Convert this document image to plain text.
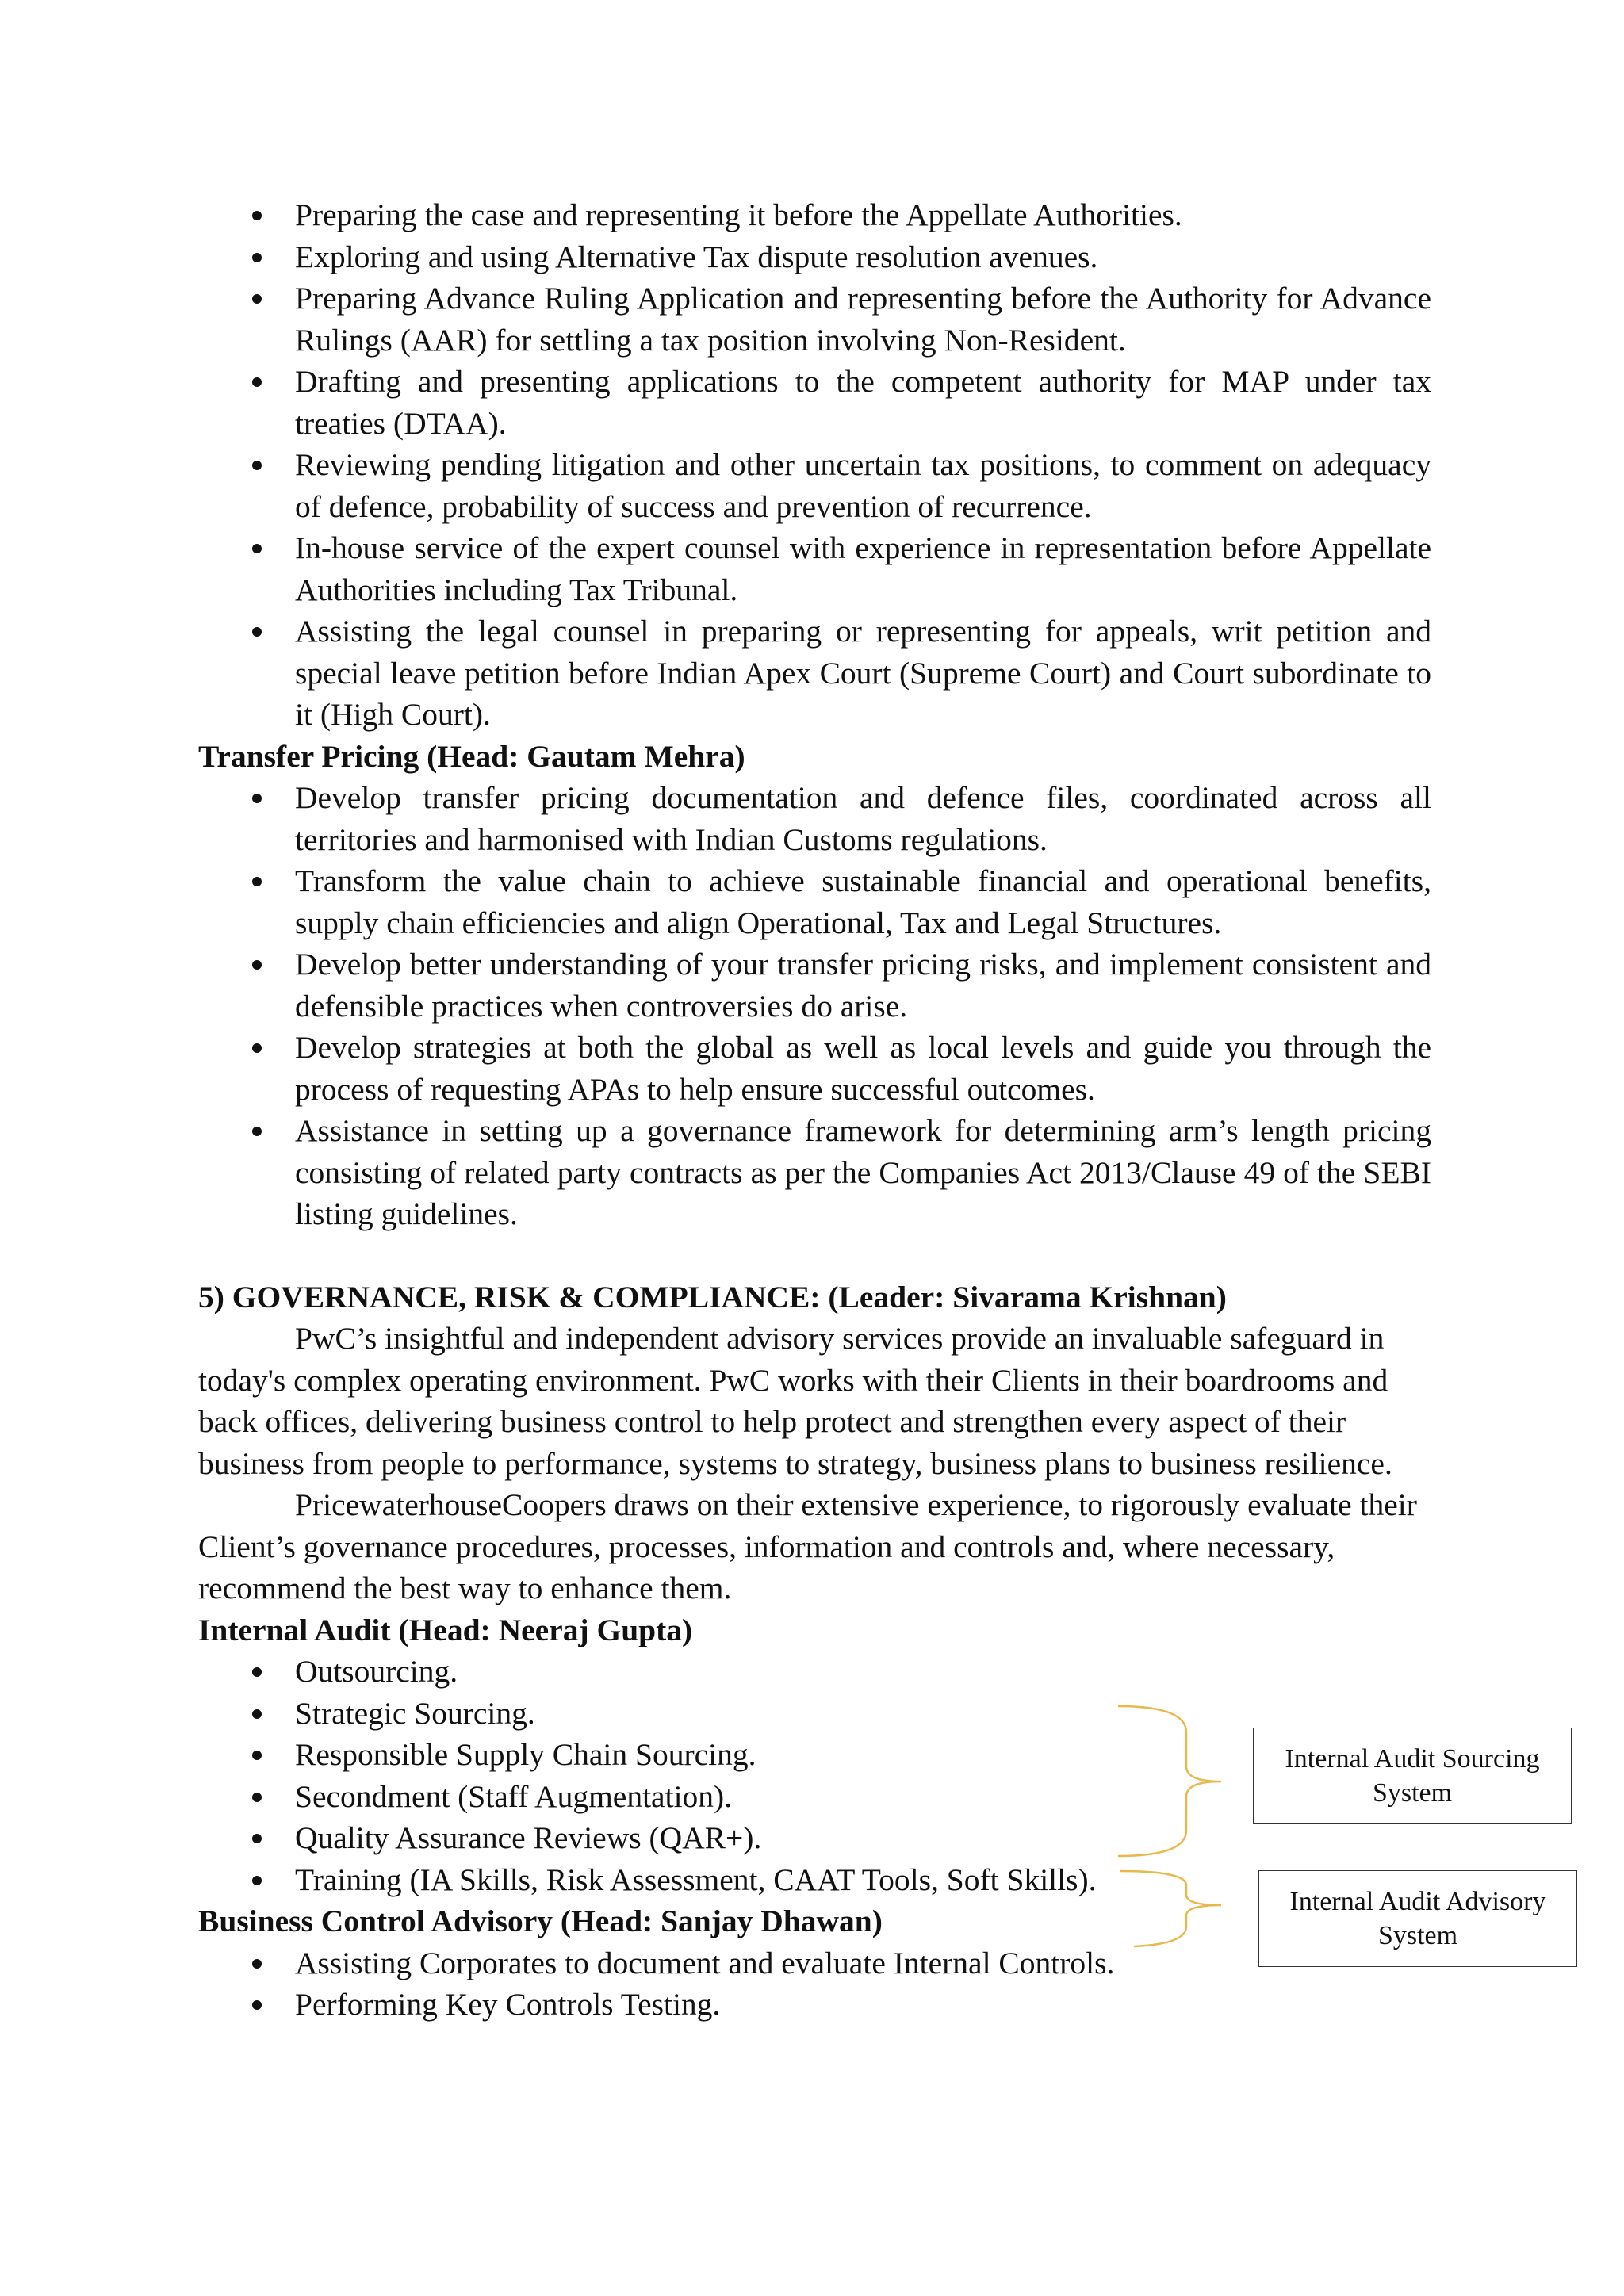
Preparing the case and representing it before the Appellate Authorities.
Exploring and using Alternative Tax dispute resolution avenues.
Preparing Advance Ruling Application and representing before the Authority for Advance Rulings (AAR) for settling a tax position involving Non-Resident.
Drafting and presenting applications to the competent authority for MAP under tax treaties (DTAA).
Reviewing pending litigation and other uncertain tax positions, to comment on adequacy of defence, probability of success and prevention of recurrence.
In-house service of the expert counsel with experience in representation before Appellate Authorities including Tax Tribunal.
Assisting the legal counsel in preparing or representing for appeals, writ petition and special leave petition before Indian Apex Court (Supreme Court) and Court subordinate to it (High Court).

Transfer Pricing (Head: Gautam Mehra)

Develop transfer pricing documentation and defence files, coordinated across all territories and harmonised with Indian Customs regulations.
Transform the value chain to achieve sustainable financial and operational benefits, supply chain efficiencies and align Operational, Tax and Legal Structures.
Develop better understanding of your transfer pricing risks, and implement consistent and defensible practices when controversies do arise.
Develop strategies at both the global as well as local levels and guide you through the process of requesting APAs to help ensure successful outcomes.
Assistance in setting up a governance framework for determining arm’s length pricing consisting of related party contracts as per the Companies Act 2013/Clause 49 of the SEBI listing guidelines.

5) GOVERNANCE, RISK & COMPLIANCE: (Leader: Sivarama Krishnan)

PwC’s insightful and independent advisory services provide an invaluable safeguard in today's complex operating environment. PwC works with their Clients in their boardrooms and back offices, delivering business control to help protect and strengthen every aspect of their business from people to performance, systems to strategy, business plans to business resilience.

PricewaterhouseCoopers draws on their extensive experience, to rigorously evaluate their Client’s governance procedures, processes, information and controls and, where necessary, recommend the best way to enhance them.

Internal Audit (Head: Neeraj Gupta)

Outsourcing.
Strategic Sourcing.
Responsible Supply Chain Sourcing.
Secondment (Staff Augmentation).
Quality Assurance Reviews (QAR+).
Training (IA Skills, Risk Assessment, CAAT Tools, Soft Skills).

Business Control Advisory (Head: Sanjay Dhawan)

Assisting Corporates to document and evaluate Internal Controls.
Performing Key Controls Testing.
Internal Audit Sourcing System
Internal Audit Advisory System
